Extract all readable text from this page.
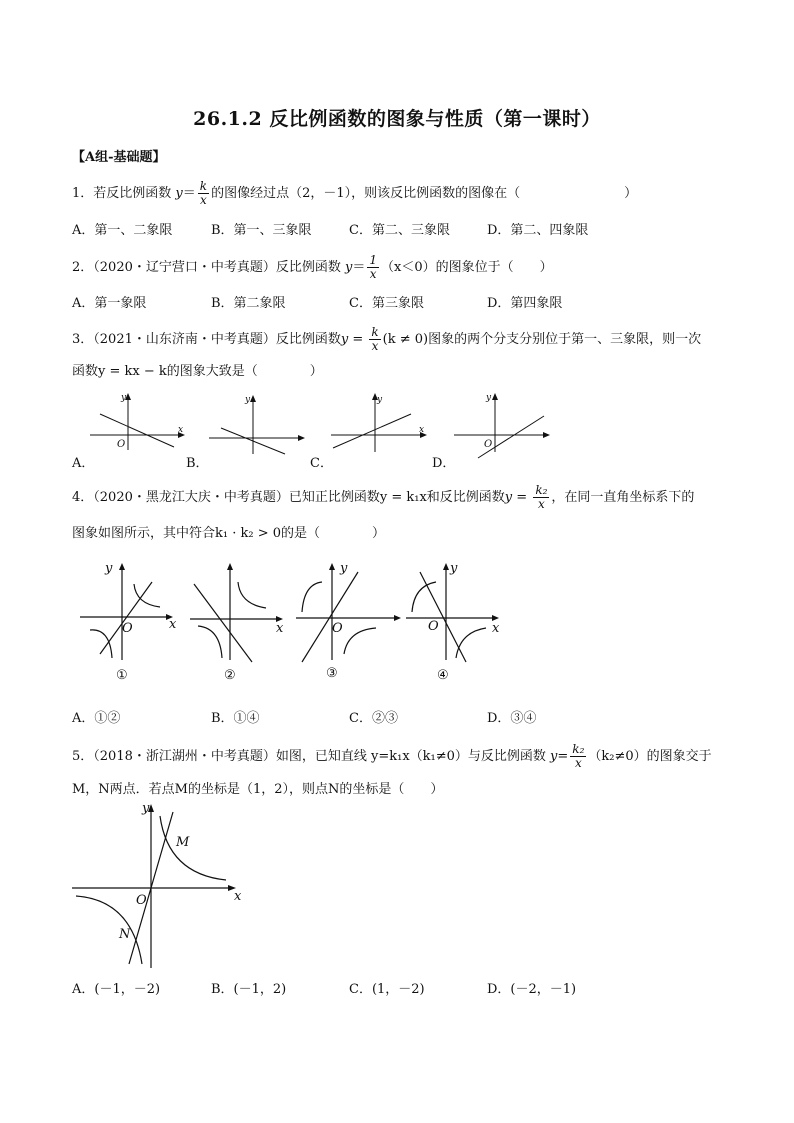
26.1.2 反比例函数的图象与性质（第一课时）
【A组-基础题】
1．若反比例函数 $y= \frac{k}{x}$ 的图像经过点（2，－1），则该反比例函数的图像在（　　　　　　　　）
A．第一、二象限	B．第一、三象限	C．第二、三象限	D．第二、四象限
2．（2020・辽宁营口・中考真题）反比例函数 $y= \frac{1}{x} (x<0)$的图象位于（　　）
A．第一象限	B．第二象限	C．第三象限	D．第四象限
3．（2021・山东济南・中考真题）反比例函数$y = \frac{k}{x} (k \ne 0)$图象的两个分支分别位于第一、三象限，则一次
函数y = kx − k的图象大致是（　　　　）
y
x
O
y	y
x
y
O
A．	B．	C．	D．
4．（2020・黑龙江大庆・中考真题）已知正比例函数y = k₁x和反比例函数$y = \frac{\text{k₂}}{x}$ ，在同一直角坐标系下的
图象如图所示，其中符合k₁ · k₂ > 0的是（　　　　）
y
x
O	x
y
O
y
x
O
①	②	③	④
A．①②	B．①④	C．②③	D．③④
5．（2018・浙江湖州・中考真题）如图，已知直线 y=k₁x（k₁≠0）与反比例函数 $y= \frac{\text{k₂}}{x} (k_2\ne 0)$的图象交于
M，N两点．若点M的坐标是（1，2），则点N的坐标是（　　）
y
x
O
M
N
A．(－1，－2)	B．(－1，2)	C．(1，－2)	D．(－2，－1)
